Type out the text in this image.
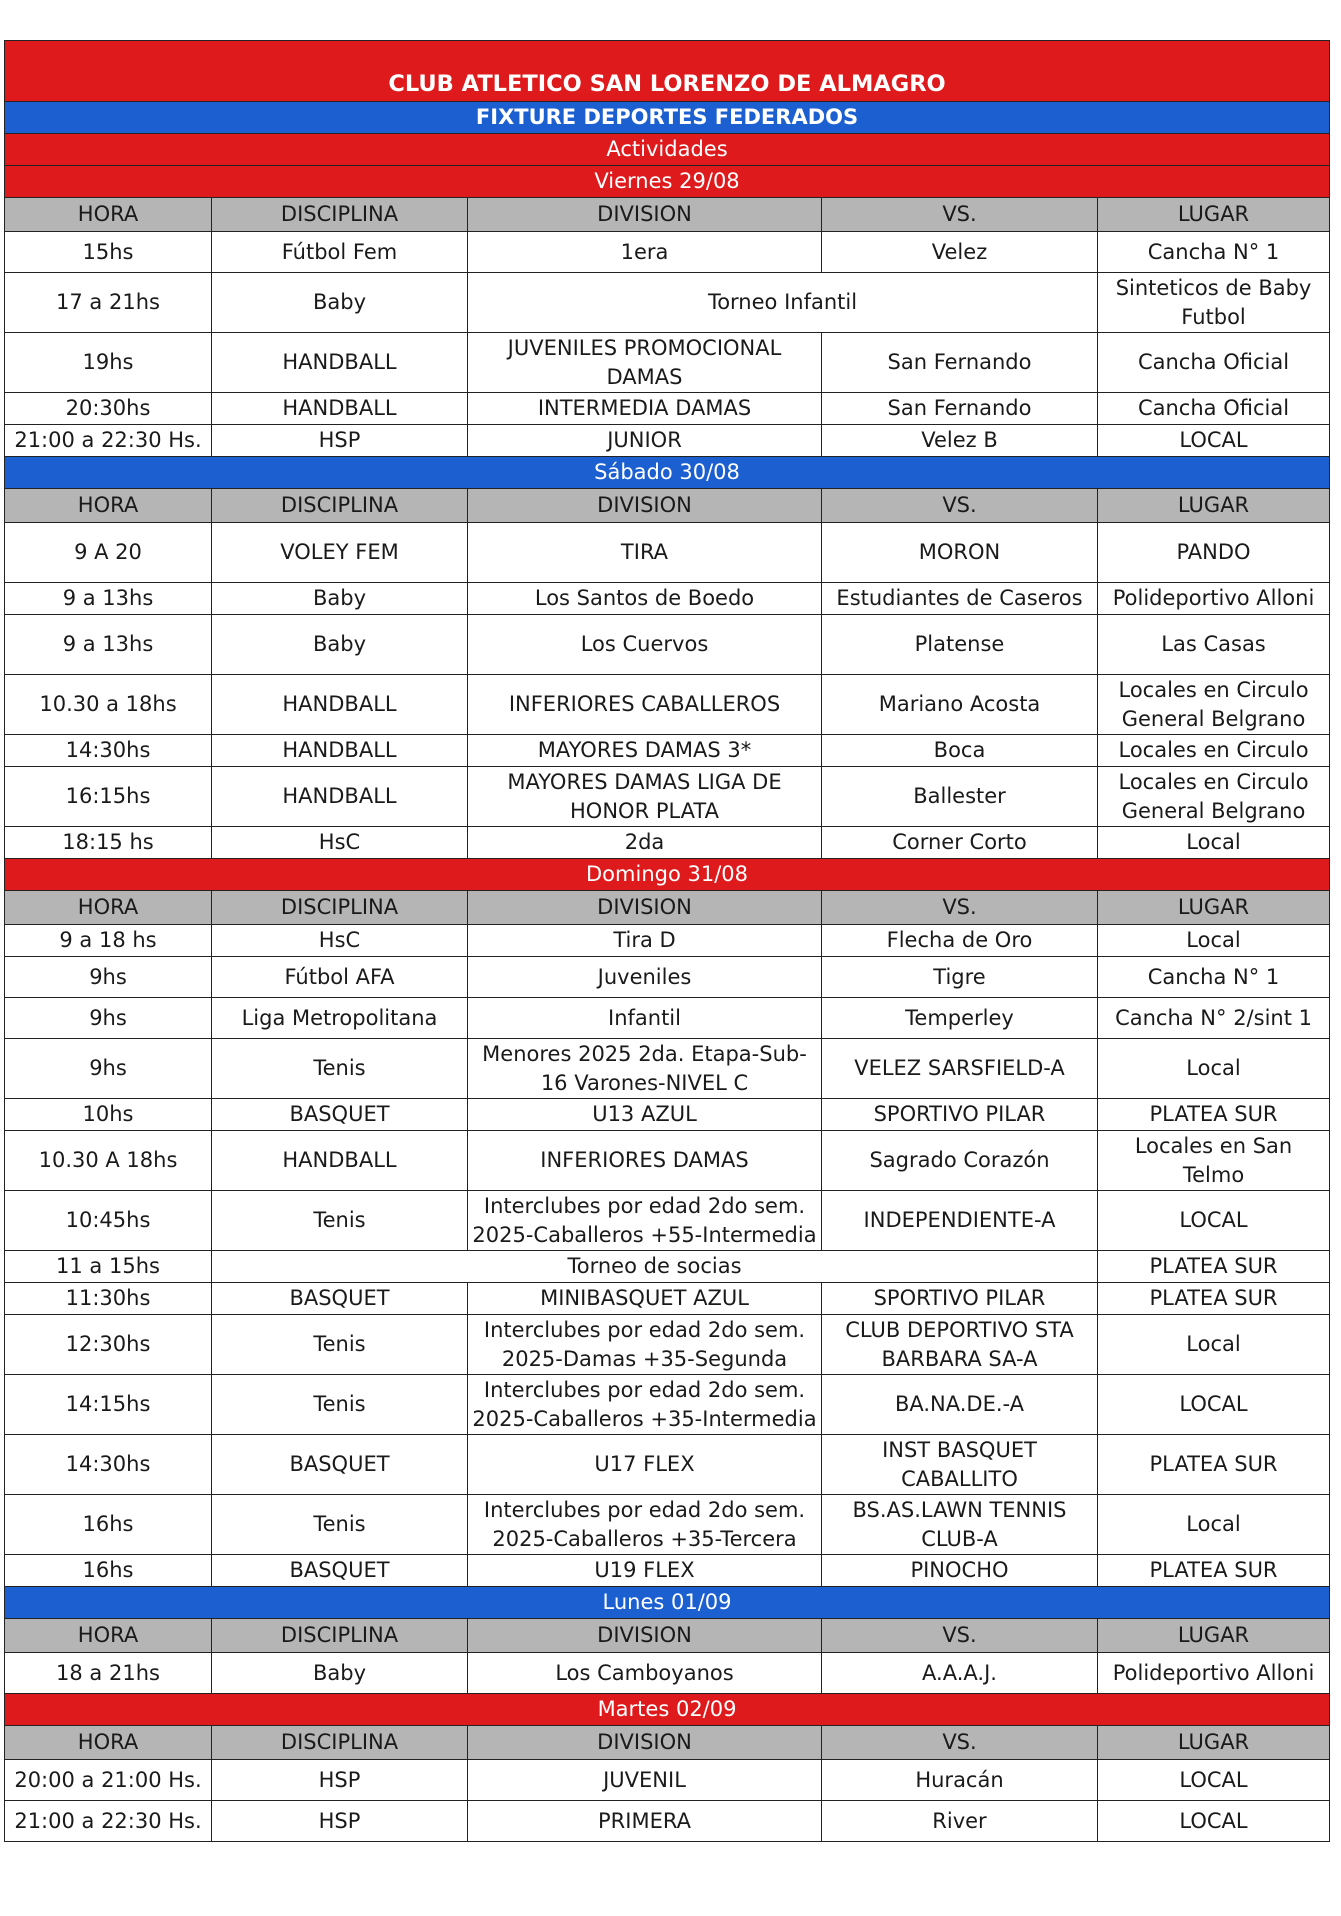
CLUB ATLETICO SAN LORENZO DE ALMAGRO				
FIXTURE DEPORTES FEDERADOS				
Actividades				
Viernes 29/08				
HORA	DISCIPLINA	DIVISION	VS.	LUGAR
15hs	Fútbol Fem	1era	Velez	Cancha N° 1
17 a 21hs	Baby	Torneo Infantil		Sinteticos de Baby Futbol
19hs	HANDBALL	JUVENILES PROMOCIONAL DAMAS	San Fernando	Cancha Oficial
20:30hs	HANDBALL	INTERMEDIA DAMAS	San Fernando	Cancha Oficial
21:00 a 22:30 Hs.	HSP	JUNIOR	Velez B	LOCAL
Sábado 30/08				
HORA	DISCIPLINA	DIVISION	VS.	LUGAR
9 A 20	VOLEY FEM	TIRA	MORON	PANDO
9 a 13hs	Baby	Los Santos de Boedo	Estudiantes de Caseros	Polideportivo Alloni
9 a 13hs	Baby	Los Cuervos	Platense	Las Casas
10.30 a 18hs	HANDBALL	INFERIORES CABALLEROS	Mariano Acosta	Locales en Circulo General Belgrano
14:30hs	HANDBALL	MAYORES DAMAS 3*	Boca	Locales en Circulo
16:15hs	HANDBALL	MAYORES DAMAS LIGA DE HONOR PLATA	Ballester	Locales en Circulo General Belgrano
18:15 hs	HsC	2da	Corner Corto	Local
Domingo 31/08				
HORA	DISCIPLINA	DIVISION	VS.	LUGAR
9 a 18 hs	HsC	Tira D	Flecha de Oro	Local
9hs	Fútbol AFA	Juveniles	Tigre	Cancha N° 1
9hs	Liga Metropolitana	Infantil	Temperley	Cancha N° 2/sint 1
9hs	Tenis	Menores 2025 2da. Etapa-Sub-16 Varones-NIVEL C	VELEZ SARSFIELD-A	Local
10hs	BASQUET	U13 AZUL	SPORTIVO PILAR	PLATEA SUR
10.30 A 18hs	HANDBALL	INFERIORES DAMAS	Sagrado Corazón	Locales en San Telmo
10:45hs	Tenis	Interclubes por edad 2do sem. 2025-Caballeros +55-Intermedia	INDEPENDIENTE-A	LOCAL
11 a 15hs	Torneo de socias			PLATEA SUR
11:30hs	BASQUET	MINIBASQUET AZUL	SPORTIVO PILAR	PLATEA SUR
12:30hs	Tenis	Interclubes por edad 2do sem. 2025-Damas +35-Segunda	CLUB DEPORTIVO STA BARBARA SA-A	Local
14:15hs	Tenis	Interclubes por edad 2do sem. 2025-Caballeros +35-Intermedia	BA.NA.DE.-A	LOCAL
14:30hs	BASQUET	U17 FLEX	INST BASQUET CABALLITO	PLATEA SUR
16hs	Tenis	Interclubes por edad 2do sem. 2025-Caballeros +35-Tercera	BS.AS.LAWN TENNIS CLUB-A	Local
16hs	BASQUET	U19 FLEX	PINOCHO	PLATEA SUR
Lunes 01/09				
HORA	DISCIPLINA	DIVISION	VS.	LUGAR
18 a 21hs	Baby	Los Camboyanos	A.A.A.J.	Polideportivo Alloni
Martes 02/09				
HORA	DISCIPLINA	DIVISION	VS.	LUGAR
20:00 a 21:00 Hs.	HSP	JUVENIL	Huracán	LOCAL
21:00 a 22:30 Hs.	HSP	PRIMERA	River	LOCAL
